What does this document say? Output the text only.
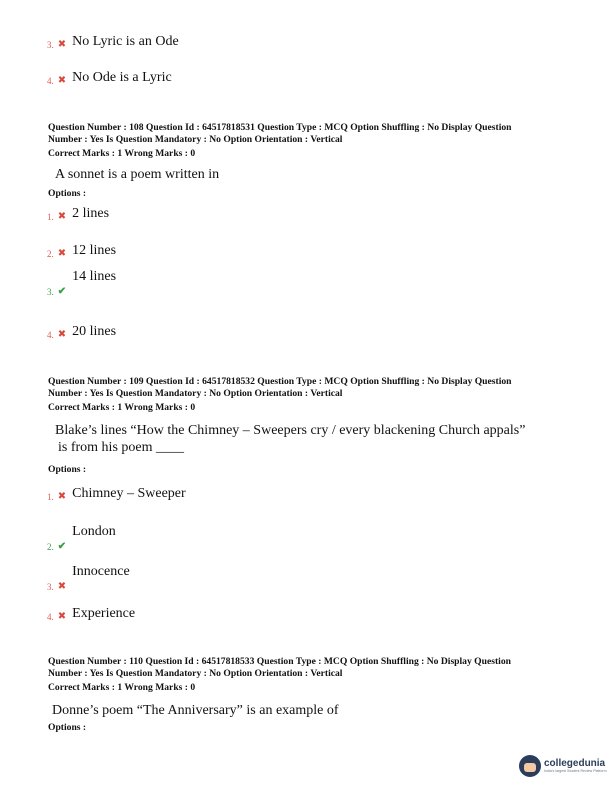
3. ✖ No Lyric is an Ode
4. ✖ No Ode is a Lyric
Question Number : 108 Question Id : 64517818531 Question Type : MCQ Option Shuffling : No Display Question
Number : Yes Is Question Mandatory : No Option Orientation : Vertical
Correct Marks : 1 Wrong Marks : 0
A sonnet is a poem written in
Options :
1. ✖ 2 lines
2. ✖ 12 lines
3. ✔
14 lines
4. ✖ 20 lines
Question Number : 109 Question Id : 64517818532 Question Type : MCQ Option Shuffling : No Display Question
Number : Yes Is Question Mandatory : No Option Orientation : Vertical
Correct Marks : 1 Wrong Marks : 0
Blake’s lines “How the Chimney – Sweepers cry / every blackening Church appals”
is from his poem ____
Options :
1. ✖ Chimney – Sweeper
2. ✔
London
3. ✖
Innocence
4. ✖ Experience
Question Number : 110 Question Id : 64517818533 Question Type : MCQ Option Shuffling : No Display Question
Number : Yes Is Question Mandatory : No Option Orientation : Vertical
Correct Marks : 1 Wrong Marks : 0
Donne’s poem “The Anniversary” is an example of
Options :
collegedunia
India's largest Student Review Platform
